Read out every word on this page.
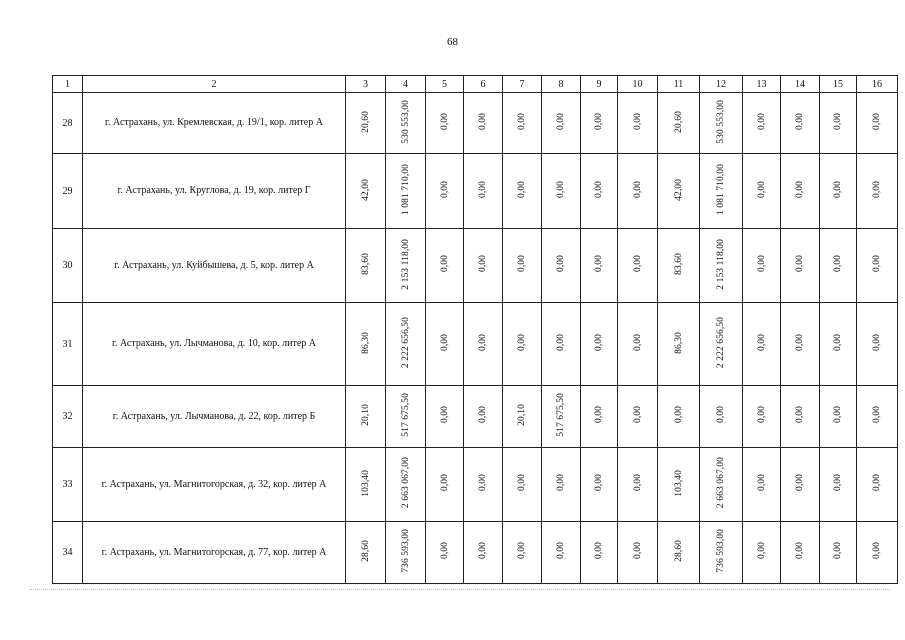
68
1	2	3	4	5	6	7	8	9	10	11	12	13	14	15	16
28	г. Астрахань, ул. Кремлевская, д. 19/1, кор. литер А	20,60	530 553,00	0,00	0,00	0,00	0,00	0,00	0,00	20,60	530 553,00	0,00	0,00	0,00	0,00
29	г. Астрахань, ул. Круглова, д. 19, кор. литер Г	42,00	1 081 710,00	0,00	0,00	0,00	0,00	0,00	0,00	42,00	1 081 710,00	0,00	0,00	0,00	0,00
30	г. Астрахань, ул. Куйбышева, д. 5, кор. литер А	83,60	2 153 118,00	0,00	0,00	0,00	0,00	0,00	0,00	83,60	2 153 118,00	0,00	0,00	0,00	0,00
31	г. Астрахань, ул. Лычманова, д. 10, кор. литер А	86,30	2 222 656,50	0,00	0,00	0,00	0,00	0,00	0,00	86,30	2 222 656,50	0,00	0,00	0,00	0,00
32	г. Астрахань, ул. Лычманова, д. 22, кор. литер Б	20,10	517 675,50	0,00	0,00	20,10	517 675,50	0,00	0,00	0,00	0,00	0,00	0,00	0,00	0,00
33	г. Астрахань, ул. Магнитогорская, д. 32, кор. литер А	103,40	2 663 067,00	0,00	0,00	0,00	0,00	0,00	0,00	103,40	2 663 067,00	0,00	0,00	0,00	0,00
34	г. Астрахань, ул. Магнитогорская, д. 77, кор. литер А	28,60	736 593,00	0,00	0,00	0,00	0,00	0,00	0,00	28,60	736 593,00	0,00	0,00	0,00	0,00
